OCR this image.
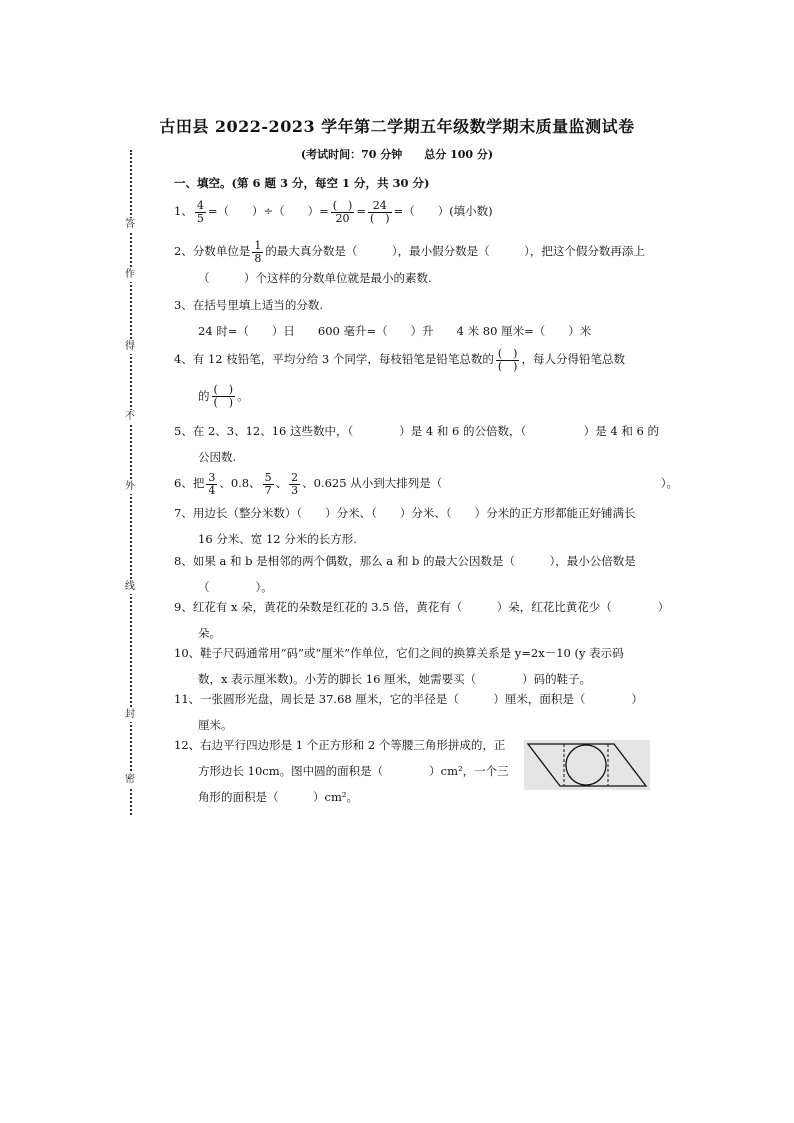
答
作
得
不
外
线
封
密
古田县 2022-2023 学年第二学期五年级数学期末质量监测试卷
(考试时间：70 分钟　　总分 100 分)
一、填空。(第 6 题 3 分，每空 1 分，共 30 分)
1、 $\frac{4}{5}$ =（　　）÷（　　）= $\frac{( )}{20} = \frac{24}{( )}$ =（　　）(填小数)
2、分数单位是 $\frac{1}{8}$ 的最大真分数是（　　　），最小假分数是（　　　），把这个假分数再添上
（　　　）个这样的分数单位就是最小的素数.
3、在括号里填上适当的分数.
24 时=（　　）日　　600 毫升=（　　）升　　4 米 80 厘米=（　　）米
4、有 12 枝铅笔，平均分给 3 个同学，每枝铅笔是铅笔总数的 $\frac{( )}{( )}$ ，每人分得铅笔总数
的 $\frac{( )}{( )}$ 。
5、在 2、3、12、16 这些数中，（　　　　）是 4 和 6 的公倍数，（　　　　　）是 4 和 6 的
公因数.
6、把 $\frac{3}{4}$ 、0.8、 $\frac{5}{7}$ 、 $\frac{2}{3}$ 、0.625 从小到大排列是（　　　　　　　　　　　　　　　　　　　）。
7、用边长（整分米数）（　　）分米、（　　）分米、（　　）分米的正方形都能正好铺满长
16 分米、宽 12 分米的长方形.
8、如果 a 和 b 是相邻的两个偶数，那么 a 和 b 的最大公因数是（　　　），最小公倍数是
（　　　　）。
9、红花有 x 朵，黄花的朵数是红花的 3.5 倍，黄花有（　　　）朵，红花比黄花少（　　　　）
朵。
10、鞋子尺码通常用“码”或“厘米”作单位，它们之间的换算关系是 y=2x－10 (y 表示码
数，x 表示厘米数)。小芳的脚长 16 厘米，她需要买（　　　　）码的鞋子。
11、一张圆形光盘，周长是 37.68 厘米，它的半径是（　　　）厘米，面积是（　　　　）
厘米。
12、右边平行四边形是 1 个正方形和 2 个等腰三角形拼成的，正
方形边长 10cm。图中圆的面积是（　　　　）cm²，一个三
角形的面积是（　　　）cm²。
